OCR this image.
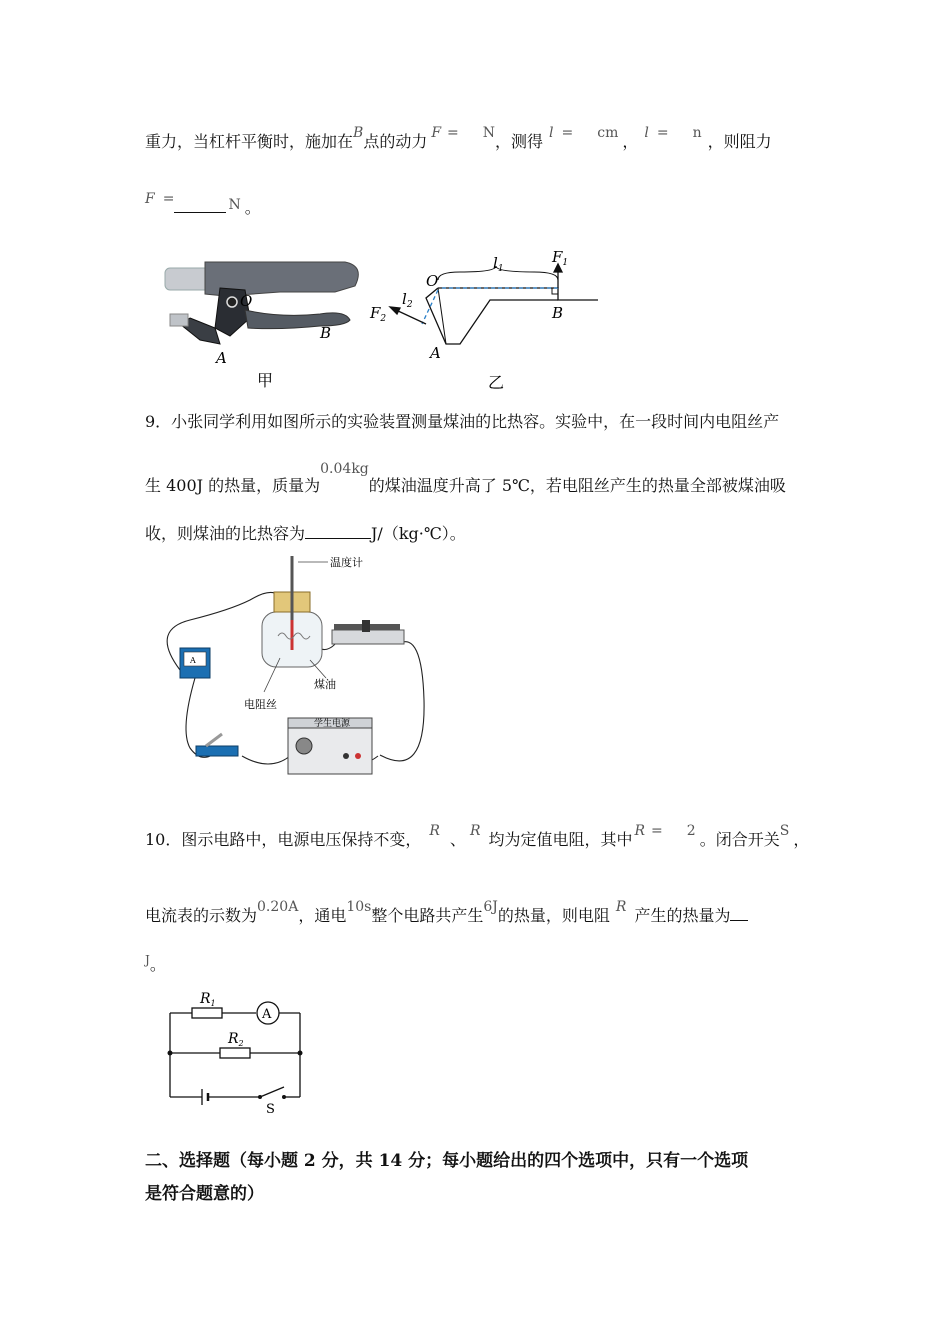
重力，当杠杆平衡时，施加在B点的动力 F = N，测得 l = cm ， l = n ，则阻力
F =	N 。
O
A
B
甲
O
$l_1$
$F_1$
$l_2$
$F_2$
A
B
乙
9．小张同学利用如图所示的实验装置测量煤油的比热容。实验中，在一段时间内电阻丝产
生 400J 的热量，质量为0.04kg的煤油温度升高了 5℃，若电阻丝产生的热量全部被煤油吸
收，则煤油的比热容为	J/（kg·℃）。
温度计
煤油
电阻丝
A
学生电源
10．图示电路中，电源电压保持不变， R 、 R 均为定值电阻，其中 R = 2 。闭合开关S ，
电流表的示数为0.20A，通电10s整个电路共产生6J的热量，则电阻 R 产生的热量为
$^J$。
$R_1$
$R_2$
A
S
二、选择题（每小题 2 分，共 14 分；每小题给出的四个选项中，只有一个选项
是符合题意的）
